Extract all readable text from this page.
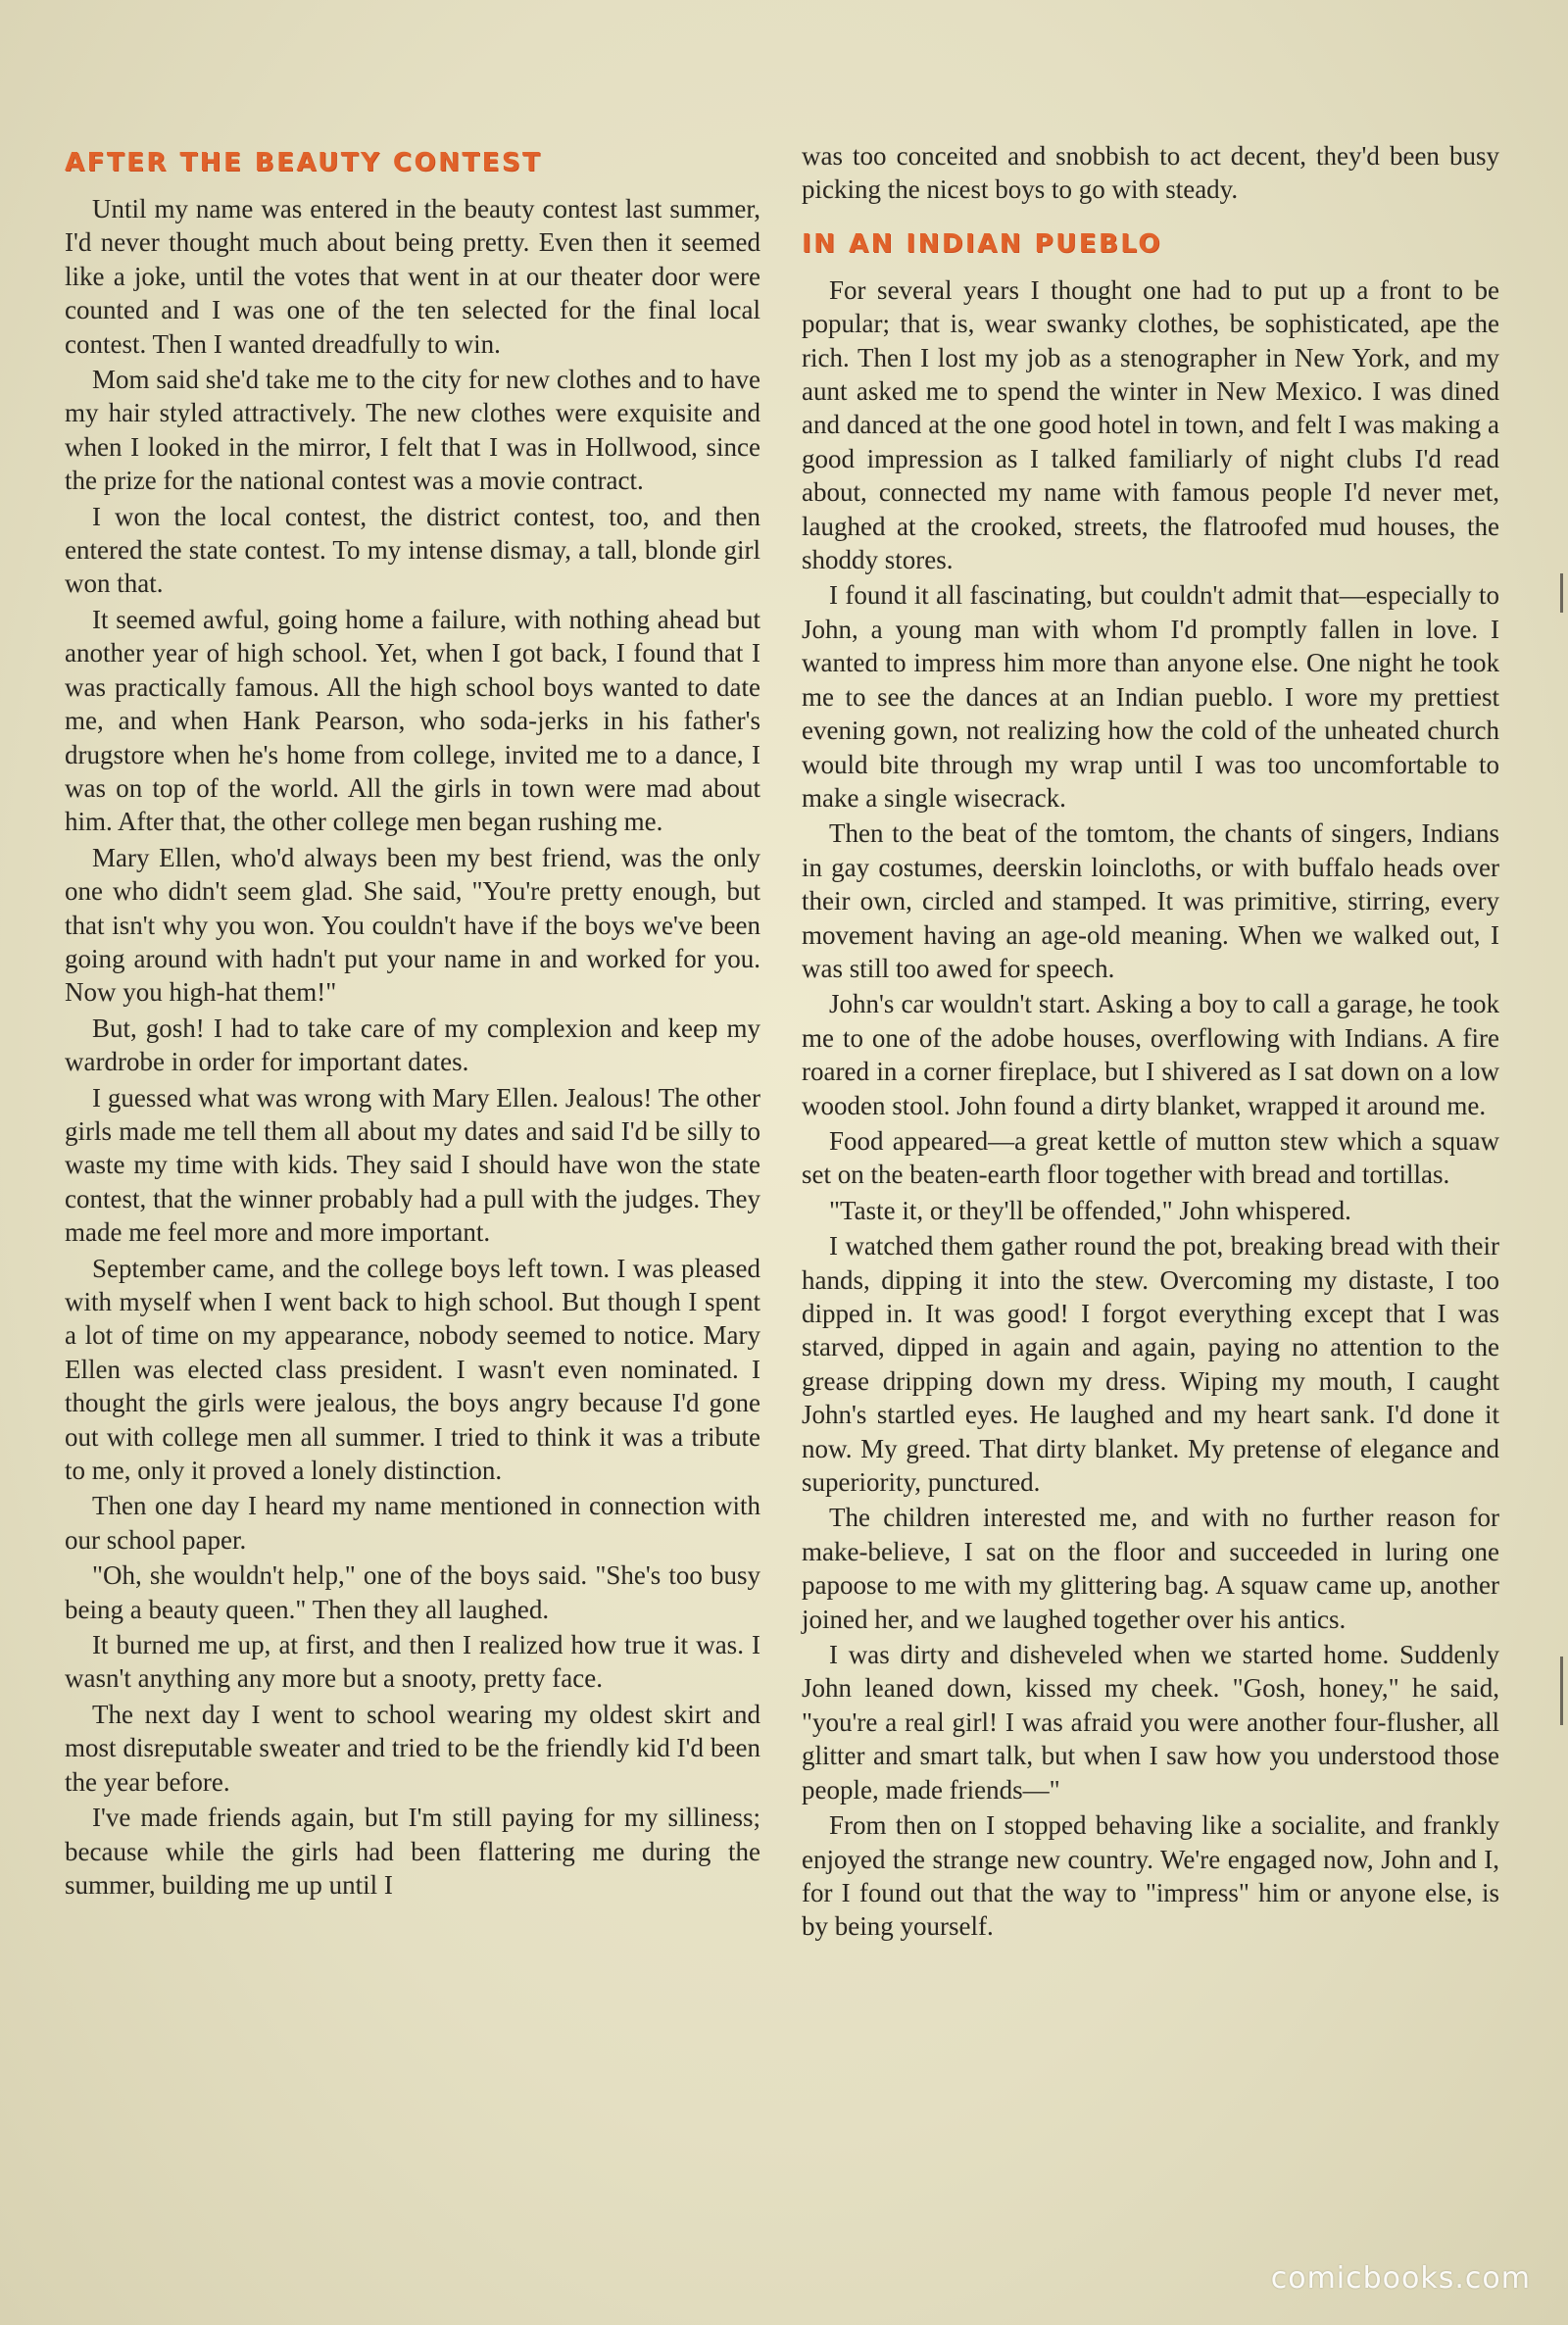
AFTER THE BEAUTY CONTEST

Until my name was entered in the beauty contest last summer, I'd never thought much about being pretty. Even then it seemed like a joke, until the votes that went in at our theater door were counted and I was one of the ten selected for the final local contest. Then I wanted dreadfully to win.

Mom said she'd take me to the city for new clothes and to have my hair styled attractively. The new clothes were exquisite and when I looked in the mirror, I felt that I was in Hollwood, since the prize for the national contest was a movie contract.

I won the local contest, the district contest, too, and then entered the state contest. To my intense dismay, a tall, blonde girl won that.

It seemed awful, going home a failure, with nothing ahead but another year of high school. Yet, when I got back, I found that I was practically famous. All the high school boys wanted to date me, and when Hank Pearson, who soda-jerks in his father's drugstore when he's home from college, invited me to a dance, I was on top of the world. All the girls in town were mad about him. After that, the other college men began rushing me.

Mary Ellen, who'd always been my best friend, was the only one who didn't seem glad. She said, "You're pretty enough, but that isn't why you won. You couldn't have if the boys we've been going around with hadn't put your name in and worked for you. Now you high-hat them!"

But, gosh! I had to take care of my complexion and keep my wardrobe in order for important dates.

I guessed what was wrong with Mary Ellen. Jealous! The other girls made me tell them all about my dates and said I'd be silly to waste my time with kids. They said I should have won the state contest, that the winner probably had a pull with the judges. They made me feel more and more important.

September came, and the college boys left town. I was pleased with myself when I went back to high school. But though I spent a lot of time on my appearance, nobody seemed to notice. Mary Ellen was elected class president. I wasn't even nominated. I thought the girls were jealous, the boys angry because I'd gone out with college men all summer. I tried to think it was a tribute to me, only it proved a lonely distinction.

Then one day I heard my name mentioned in connection with our school paper.

"Oh, she wouldn't help," one of the boys said. "She's too busy being a beauty queen." Then they all laughed.

It burned me up, at first, and then I realized how true it was. I wasn't anything any more but a snooty, pretty face.

The next day I went to school wearing my oldest skirt and most disreputable sweater and tried to be the friendly kid I'd been the year before.

I've made friends again, but I'm still paying for my silliness; because while the girls had been flattering me during the summer, building me up until I

was too conceited and snobbish to act decent, they'd been busy picking the nicest boys to go with steady.

IN AN INDIAN PUEBLO

For several years I thought one had to put up a front to be popular; that is, wear swanky clothes, be sophisticated, ape the rich. Then I lost my job as a stenographer in New York, and my aunt asked me to spend the winter in New Mexico. I was dined and danced at the one good hotel in town, and felt I was making a good impression as I talked familiarly of night clubs I'd read about, connected my name with famous people I'd never met, laughed at the crooked, streets, the flatroofed mud houses, the shoddy stores.

I found it all fascinating, but couldn't admit that—especially to John, a young man with whom I'd promptly fallen in love. I wanted to impress him more than anyone else. One night he took me to see the dances at an Indian pueblo. I wore my prettiest evening gown, not realizing how the cold of the unheated church would bite through my wrap until I was too uncomfortable to make a single wisecrack.

Then to the beat of the tomtom, the chants of singers, Indians in gay costumes, deerskin loincloths, or with buffalo heads over their own, circled and stamped. It was primitive, stirring, every movement having an age-old meaning. When we walked out, I was still too awed for speech.

John's car wouldn't start. Asking a boy to call a garage, he took me to one of the adobe houses, overflowing with Indians. A fire roared in a corner fireplace, but I shivered as I sat down on a low wooden stool. John found a dirty blanket, wrapped it around me.

Food appeared—a great kettle of mutton stew which a squaw set on the beaten-earth floor together with bread and tortillas.

"Taste it, or they'll be offended," John whispered.

I watched them gather round the pot, breaking bread with their hands, dipping it into the stew. Overcoming my distaste, I too dipped in. It was good! I forgot everything except that I was starved, dipped in again and again, paying no attention to the grease dripping down my dress. Wiping my mouth, I caught John's startled eyes. He laughed and my heart sank. I'd done it now. My greed. That dirty blanket. My pretense of elegance and superiority, punctured.

The children interested me, and with no further reason for make-believe, I sat on the floor and succeeded in luring one papoose to me with my glittering bag. A squaw came up, another joined her, and we laughed together over his antics.

I was dirty and disheveled when we started home. Suddenly John leaned down, kissed my cheek. "Gosh, honey," he said, "you're a real girl! I was afraid you were another four-flusher, all glitter and smart talk, but when I saw how you understood those people, made friends—"

From then on I stopped behaving like a socialite, and frankly enjoyed the strange new country. We're engaged now, John and I, for I found out that the way to "impress" him or anyone else, is by being yourself.

comicbooks.com
